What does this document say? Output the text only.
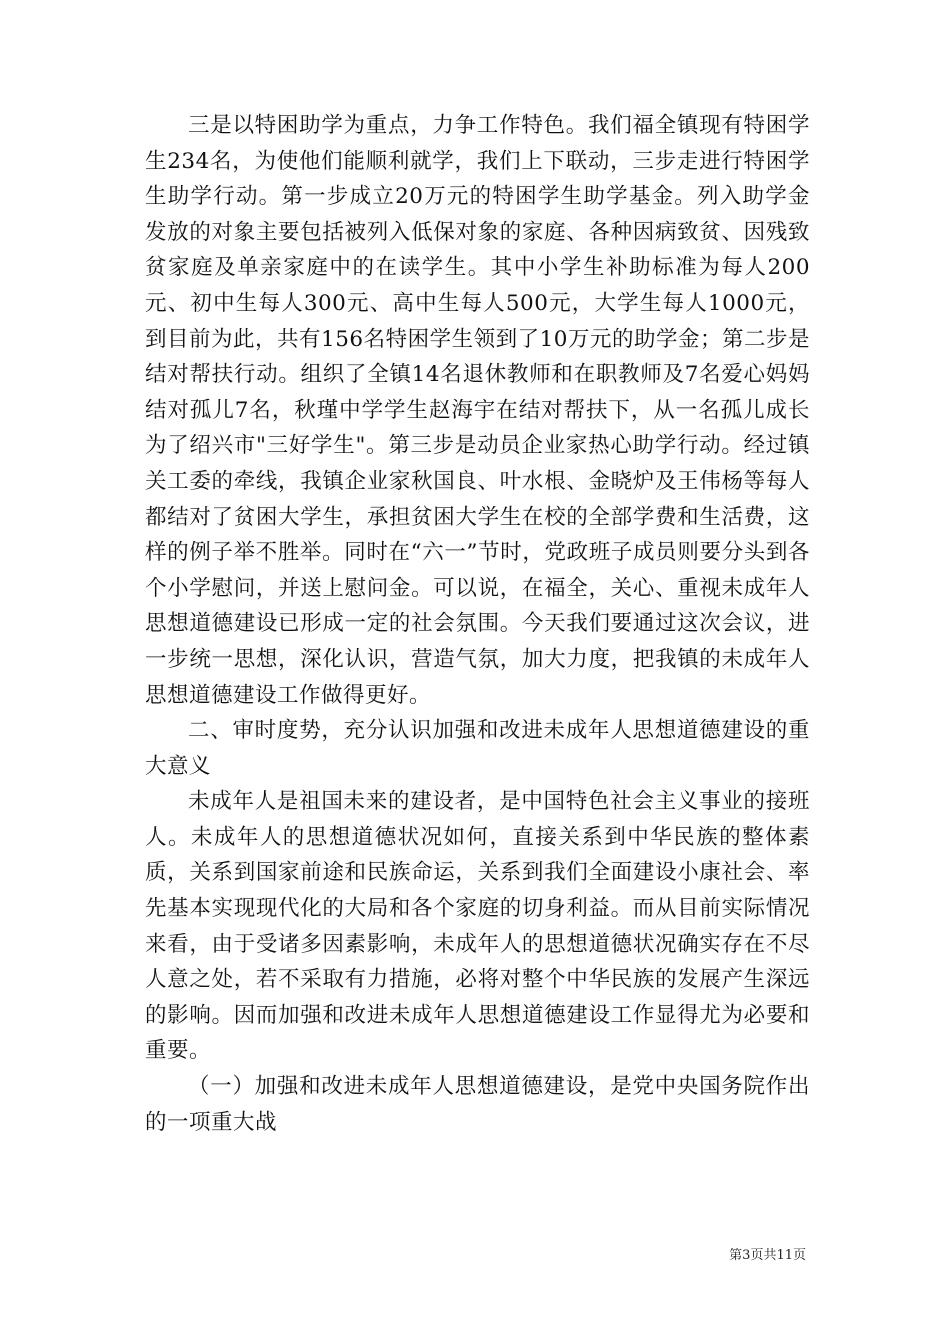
三是以特困助学为重点，力争工作特色。我们福全镇现有特困学生234名，为使他们能顺利就学，我们上下联动，三步走进行特困学生助学行动。第一步成立20万元的特困学生助学基金。列入助学金发放的对象主要包括被列入低保对象的家庭、各种因病致贫、因残致贫家庭及单亲家庭中的在读学生。其中小学生补助标准为每人200元、初中生每人300元、高中生每人500元，大学生每人1000元，到目前为此，共有156名特困学生领到了10万元的助学金；第二步是结对帮扶行动。组织了全镇14名退休教师和在职教师及7名爱心妈妈结对孤儿7名，秋瑾中学学生赵海宇在结对帮扶下，从一名孤儿成长为了绍兴市"三好学生"。第三步是动员企业家热心助学行动。经过镇关工委的牵线，我镇企业家秋国良、叶水根、金晓炉及王伟杨等每人都结对了贫困大学生，承担贫困大学生在校的全部学费和生活费，这样的例子举不胜举。同时在“六一”节时，党政班子成员则要分头到各个小学慰问，并送上慰问金。可以说，在福全，关心、重视未成年人思想道德建设已形成一定的社会氛围。今天我们要通过这次会议，进一步统一思想，深化认识，营造气氛，加大力度，把我镇的未成年人思想道德建设工作做得更好。

二、审时度势，充分认识加强和改进未成年人思想道德建设的重大意义

未成年人是祖国未来的建设者，是中国特色社会主义事业的接班人。未成年人的思想道德状况如何，直接关系到中华民族的整体素质，关系到国家前途和民族命运，关系到我们全面建设小康社会、率先基本实现现代化的大局和各个家庭的切身利益。而从目前实际情况来看，由于受诸多因素影响，未成年人的思想道德状况确实存在不尽人意之处，若不采取有力措施，必将对整个中华民族的发展产生深远的影响。因而加强和改进未成年人思想道德建设工作显得尤为必要和重要。

（一）加强和改进未成年人思想道德建设，是党中央国务院作出的一项重大战

第3页共11页
